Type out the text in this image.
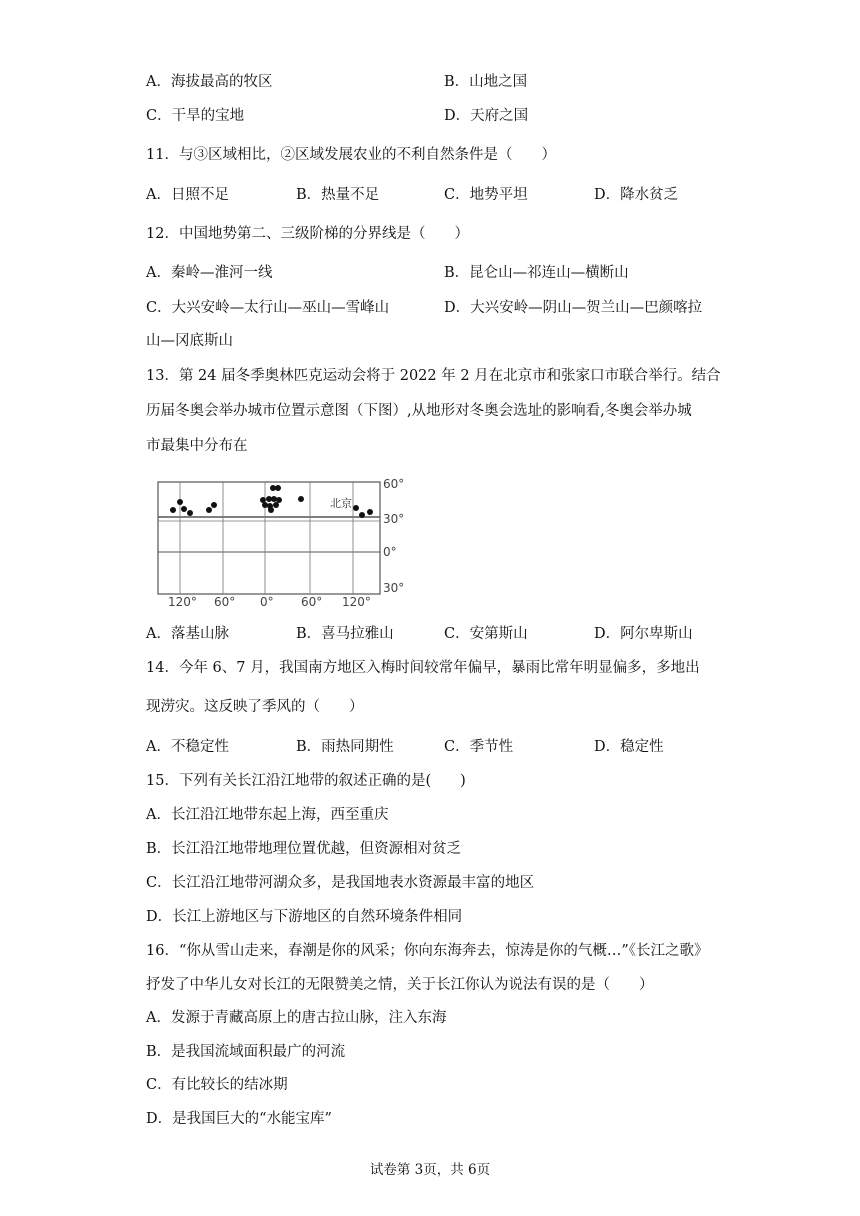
A．海拔最高的牧区	B．山地之国
C．干旱的宝地	D．天府之国
11．与③区域相比，②区域发展农业的不利自然条件是（　　）
A．日照不足	B．热量不足	C．地势平坦	D．降水贫乏
12．中国地势第二、三级阶梯的分界线是（　　）
A．秦岭—淮河一线	B．昆仑山—祁连山—横断山
C．大兴安岭—太行山—巫山—雪峰山	D．大兴安岭—阴山—贺兰山—巴颜喀拉
山—冈底斯山
13．第 24 届冬季奥林匹克运动会将于 2022 年 2 月在北京市和张家口市联合举行。结合
历届冬奥会举办城市位置示意图（下图）,从地形对冬奥会选址的影响看,冬奥会举办城
市最集中分布在
北京
60°
30°
0°
30°
120° 60° 0° 60° 120°
A．落基山脉	B．喜马拉雅山	C．安第斯山	D．阿尔卑斯山
14．今年 6、7 月，我国南方地区入梅时间较常年偏早，暴雨比常年明显偏多，多地出
现涝灾。这反映了季风的（　　）
A．不稳定性	B．雨热同期性	C．季节性	D．稳定性
15．下列有关长江沿江地带的叙述正确的是(　　)
A．长江沿江地带东起上海，西至重庆
B．长江沿江地带地理位置优越，但资源相对贫乏
C．长江沿江地带河湖众多，是我国地表水资源最丰富的地区
D．长江上游地区与下游地区的自然环境条件相同
16．“你从雪山走来，春潮是你的风采；你向东海奔去，惊涛是你的气概…”《长江之歌》
抒发了中华儿女对长江的无限赞美之情，关于长江你认为说法有误的是（　　）
A．发源于青藏高原上的唐古拉山脉，注入东海
B．是我国流域面积最广的河流
C．有比较长的结冰期
D．是我国巨大的“水能宝库”
试卷第 3页，共 6页
